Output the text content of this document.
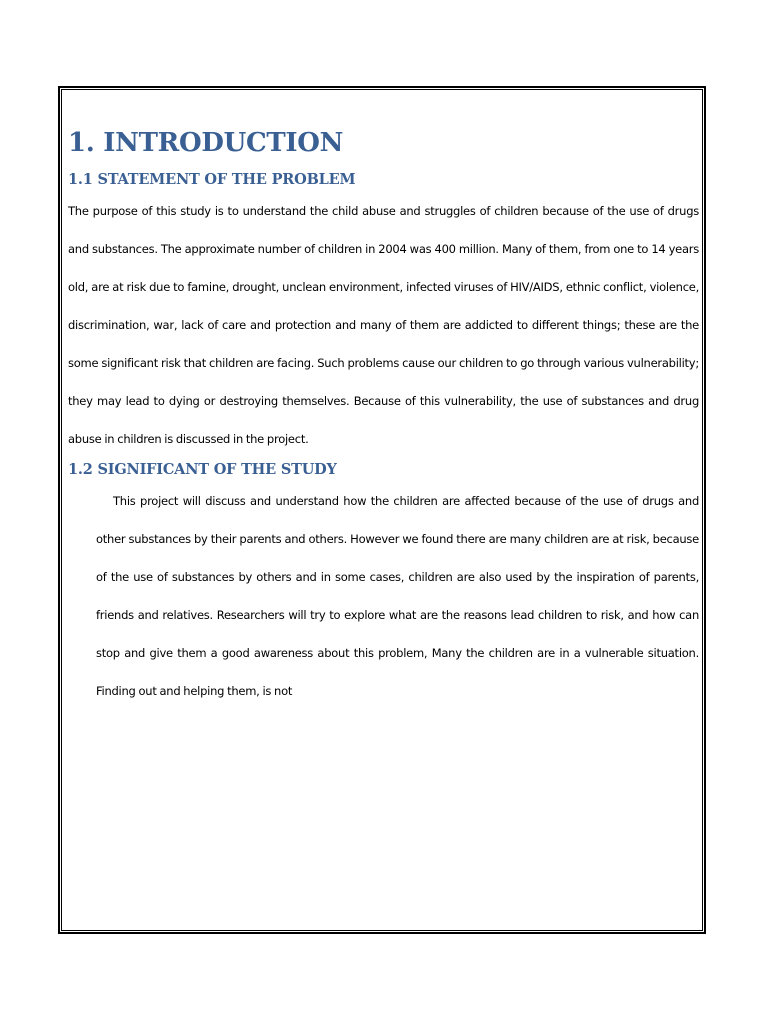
1. INTRODUCTION
1.1 STATEMENT OF THE PROBLEM

The purpose of this study is to understand the child abuse and struggles of children because of the use of drugs and substances. The approximate number of children in 2004 was 400 million. Many of them, from one to 14 years old, are at risk due to famine, drought, unclean environment, infected viruses of HIV/AIDS, ethnic conflict, violence, discrimination, war, lack of care and protection and many of them are addicted to different things; these are the some significant risk that children are facing. Such problems cause our children to go through various vulnerability; they may lead to dying or destroying themselves. Because of this vulnerability, the use of substances and drug abuse in children is discussed in the project.

1.2 SIGNIFICANT OF THE STUDY

This project will discuss and understand how the children are affected because of the use of drugs and other substances by their parents and others. However we found there are many children are at risk, because of the use of substances by others and in some cases, children are also used by the inspiration of parents, friends and relatives. Researchers will try to explore what are the reasons lead children to risk, and how can stop and give them a good awareness about this problem, Many the children are in a vulnerable situation. Finding out and helping them, is not
